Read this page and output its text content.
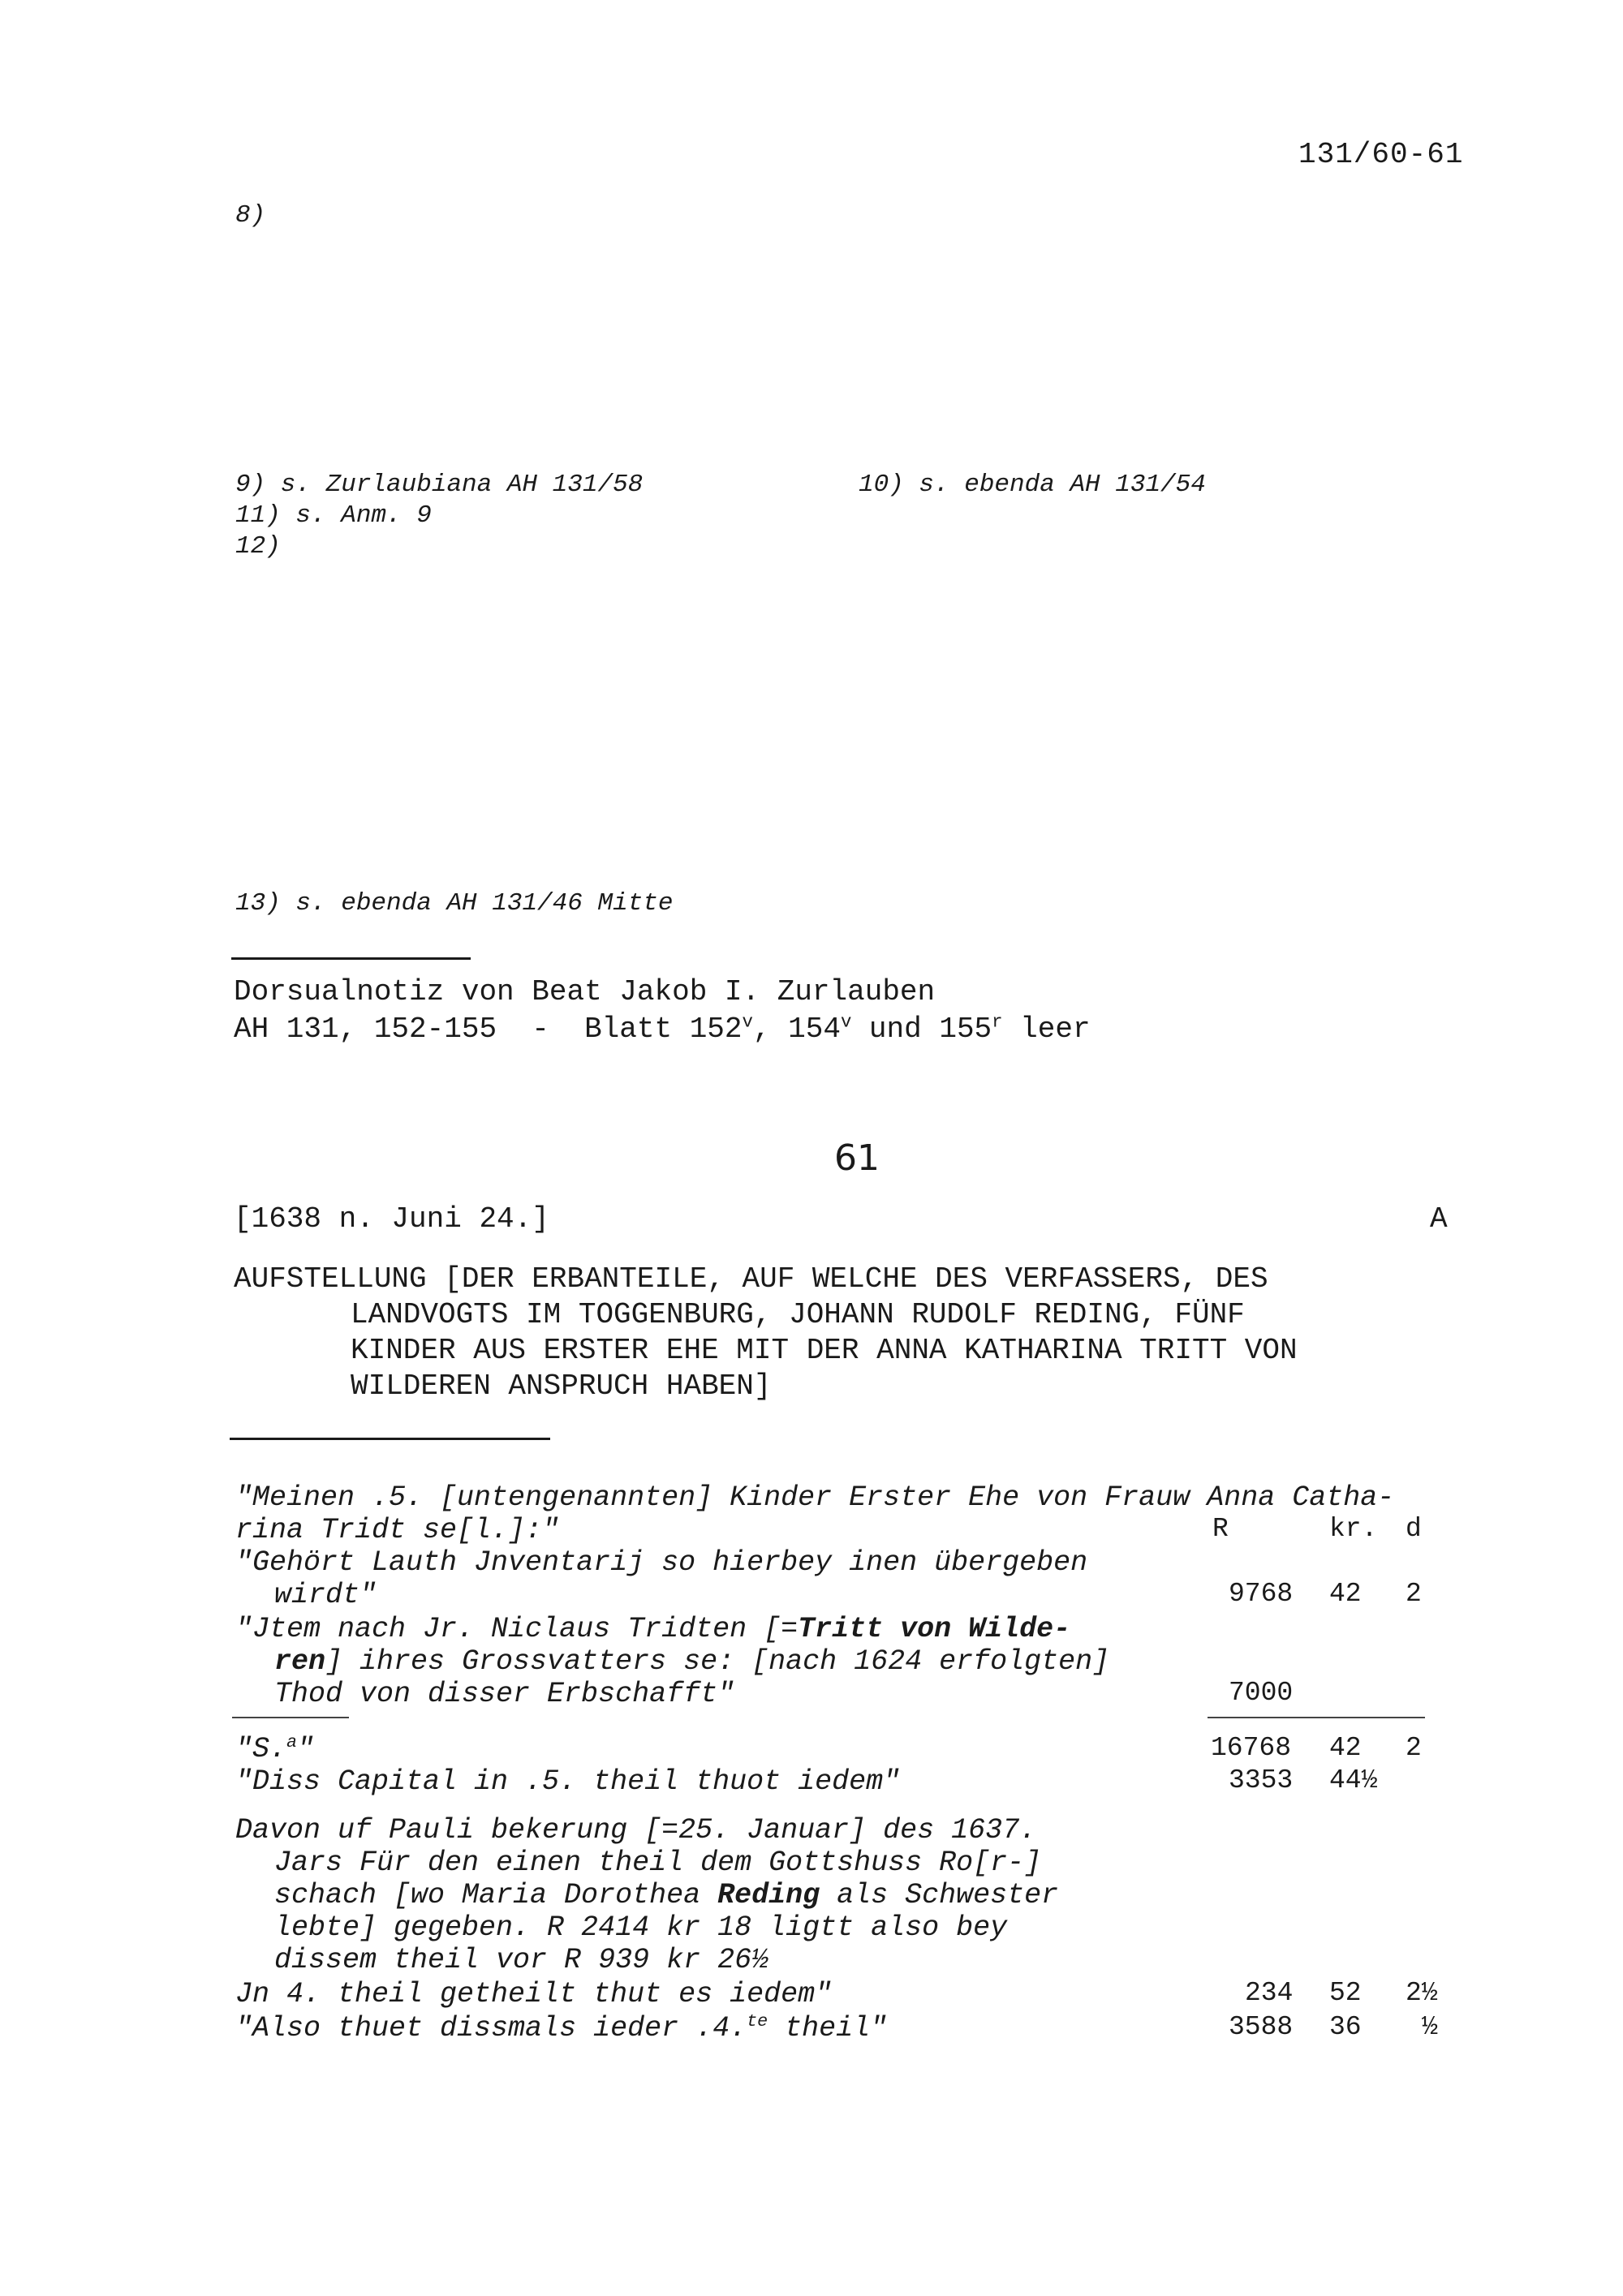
131/60-61
8)
9) s. Zurlaubiana AH 131/58	10) s. ebenda AH 131/54
11) s. Anm. 9
12)
13) s. ebenda AH 131/46 Mitte
Dorsualnotiz von Beat Jakob I. Zurlauben
AH 131, 152-155  -  Blatt 152$^v$, 154$^v$ und 155$^r$ leer
61
[1638 n. Juni 24.]	A
AUFSTELLUNG [DER ERBANTEILE, AUF WELCHE DES VERFASSERS, DES
LANDVOGTS IM TOGGENBURG, JOHANN RUDOLF REDING, FÜNF
KINDER AUS ERSTER EHE MIT DER ANNA KATHARINA TRITT VON
WILDEREN ANSPRUCH HABEN]
"Meinen .5. [untengenannten] Kinder Erster Ehe von Frauw Anna Catha-
rina Tridt se[l.]:"	R	kr. d
"Gehört Lauth Jnventarij so hierbey inen übergeben
wirdt"	9768 42 2
"Jtem nach Jr. Niclaus Tridten [=Tritt von Wilde-
ren] ihres Grossvatters se: [nach 1624 erfolgten]
Thod von disser Erbschafft"	7000
"S.$^a$"	16768 42 2
"Diss Capital in .5. theil thuot iedem"	3353 44½
Davon uf Pauli bekerung [=25. Januar] des 1637.
Jars Für den einen theil dem Gottshuss Ro[r-]
schach [wo Maria Dorothea Reding als Schwester
lebte] gegeben. R 2414 kr 18 ligtt also bey
dissem theil vor R 939 kr 26½
Jn 4. theil getheilt thut es iedem"	234 52 2½
"Also thuet dissmals ieder .4.$^{te}$ theil"	3588 36 ½
